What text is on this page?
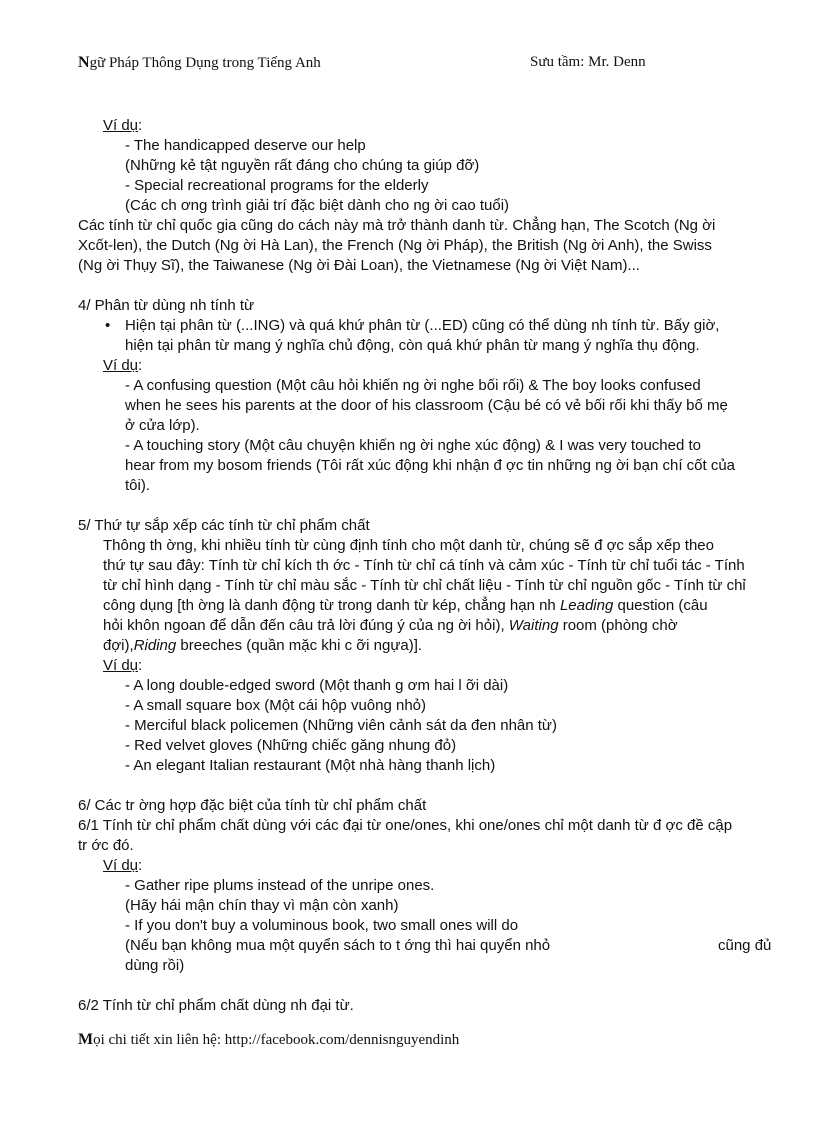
Ngữ Pháp Thông Dụng trong Tiếng Anh	Sưu tầm: Mr. Denn
Ví dụ:
- The handicapped deserve our help
(Những kẻ tật nguyền rất đáng cho chúng ta giúp đỡ)
- Special recreational programs for the elderly
(Các ch ơng trình giải trí đặc biệt dành cho ng ời cao tuổi)
Các tính từ chỉ quốc gia cũng do cách này mà trở thành danh từ. Chẳng hạn, The Scotch (Ng ời
Xcốt-len), the Dutch (Ng ời Hà Lan), the French (Ng ời Pháp), the British (Ng ời Anh), the Swiss
(Ng ời Thụy Sĩ), the Taiwanese (Ng ời Đài Loan), the Vietnamese (Ng ời Việt Nam)...
4/ Phân từ dùng nh tính từ
• Hiện tại phân từ (...ING) và quá khứ phân từ (...ED) cũng có thể dùng nh tính từ. Bấy giờ,
hiện tại phân từ mang ý nghĩa chủ động, còn quá khứ phân từ mang ý nghĩa thụ động.
Ví dụ:
- A confusing question (Một câu hỏi khiến ng ời nghe bối rối) & The boy looks confused
when he sees his parents at the door of his classroom (Cậu bé có vẻ bối rối khi thấy bố mẹ
ở cửa lớp).
- A touching story (Một câu chuyện khiến ng ời nghe xúc động) & I was very touched to
hear from my bosom friends (Tôi rất xúc động khi nhận đ ợc tin những ng ời bạn chí cốt của
tôi).
5/ Thứ tự sắp xếp các tính từ chỉ phẩm chất
Thông th ờng, khi nhiều tính từ cùng định tính cho một danh từ, chúng sẽ đ ợc sắp xếp theo
thứ tự sau đây: Tính từ chỉ kích th ớc - Tính từ chỉ cá tính và cảm xúc - Tính từ chỉ tuổi tác - Tính
từ chỉ hình dạng - Tính từ chỉ màu sắc - Tính từ chỉ chất liệu - Tính từ chỉ nguồn gốc - Tính từ chỉ
công dụng [th ờng là danh động từ trong danh từ kép, chẳng hạn nh Leading question (câu
hỏi khôn ngoan để dẫn đến câu trả lời đúng ý của ng ời hỏi), Waiting room (phòng chờ
đợi),Riding breeches (quần mặc khi c ỡi ngựa)].
Ví dụ:
- A long double-edged sword (Một thanh g ơm hai l ỡi dài)
- A small square box (Một cái hộp vuông nhỏ)
- Merciful black policemen (Những viên cảnh sát da đen nhân từ)
- Red velvet gloves (Những chiếc găng nhung đỏ)
- An elegant Italian restaurant (Một nhà hàng thanh lịch)
6/ Các tr ờng hợp đặc biệt của tính từ chỉ phẩm chất
6/1 Tính từ chỉ phẩm chất dùng với các đại từ one/ones, khi one/ones chỉ một danh từ đ ợc đề cập
tr ớc đó.
Ví dụ:
- Gather ripe plums instead of the unripe ones.
(Hãy hái mận chín thay vì mận còn xanh)
- If you don't buy a voluminous book, two small ones will do
(Nếu bạn không mua một quyển sách to t ớng thì hai quyển nhỏ	cũng đủ
dùng rồi)
6/2 Tính từ chỉ phẩm chất dùng nh đại từ.
Mọi chi tiết xin liên hệ: http://facebook.com/dennisnguyendinh
